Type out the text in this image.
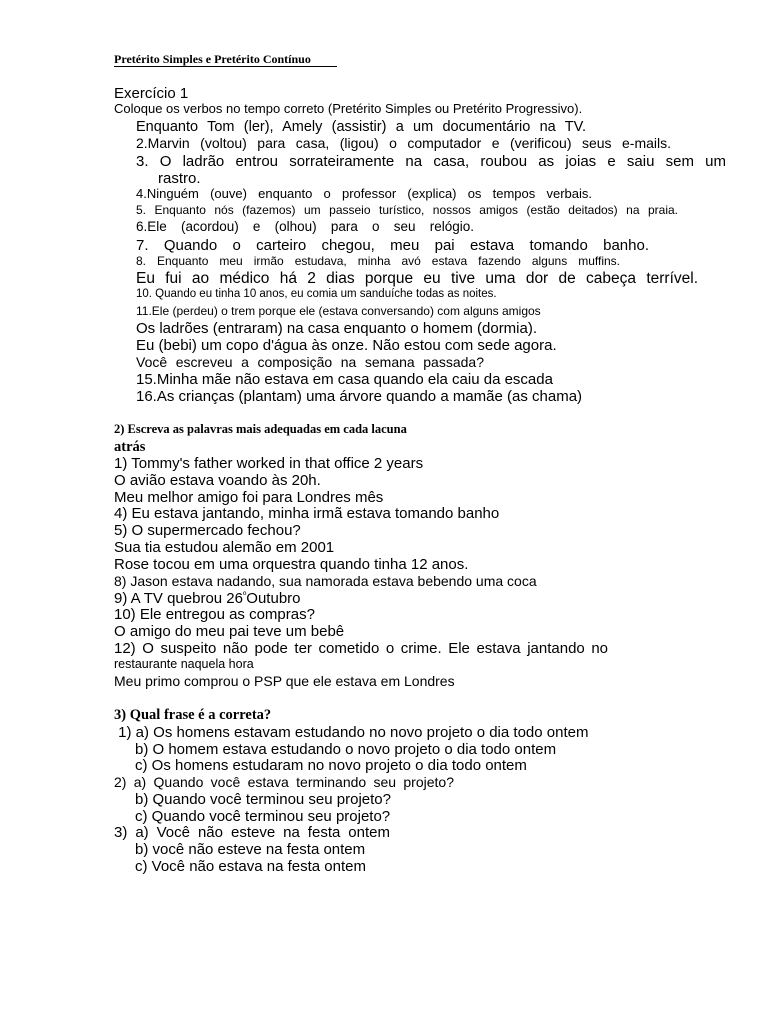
Pretérito Simples e Pretérito Contínuo
Exercício 1
Coloque os verbos no tempo correto (Pretérito Simples ou Pretérito Progressivo).
Enquanto Tom (ler), Amely (assistir) a um documentário na TV.
2.Marvin (voltou) para casa, (ligou) o computador e (verificou) seus e-mails.
3. O ladrão entrou sorrateiramente na casa, roubou as joias e saiu sem um
rastro.
4.Ninguém (ouve) enquanto o professor (explica) os tempos verbais.
5. Enquanto nós (fazemos) um passeio turístico, nossos amigos (estão deitados) na praia.
6.Ele (acordou) e (olhou) para o seu relógio.
7. Quando o carteiro chegou, meu pai estava tomando banho.
8. Enquanto meu irmão estudava, minha avó estava fazendo alguns muffins.
Eu fui ao médico há 2 dias porque eu tive uma dor de cabeça terrível.
10. Quando eu tinha 10 anos, eu comia um sanduíche todas as noites.
11.Ele (perdeu) o trem porque ele (estava conversando) com alguns amigos
Os ladrões (entraram) na casa enquanto o homem (dormia).
Eu (bebi) um copo d'água às onze. Não estou com sede agora.
Você escreveu a composição na semana passada?
15.Minha mãe não estava em casa quando ela caiu da escada
16.As crianças (plantam) uma árvore quando a mamãe (as chama)
2) Escreva as palavras mais adequadas em cada lacuna
atrás
1) Tommy's father worked in that office 2 years
O avião estava voando às 20h.
Meu melhor amigo foi para Londres mês
4) Eu estava jantando, minha irmã estava tomando banho
5) O supermercado fechou?
Sua tia estudou alemão em 2001
Rose tocou em uma orquestra quando tinha 12 anos.
8) Jason estava nadando, sua namorada estava bebendo uma coca
9) A TV quebrou $26^ºOutubro$
10) Ele entregou as compras?
O amigo do meu pai teve um bebê
12) O suspeito não pode ter cometido o crime. Ele estava jantando no
restaurante naquela hora
Meu primo comprou o PSP que ele estava em Londres
3) Qual frase é a correta?
1) a) Os homens estavam estudando no novo projeto o dia todo ontem
b) O homem estava estudando o novo projeto o dia todo ontem
c) Os homens estudaram no novo projeto o dia todo ontem
2) a) Quando você estava terminando seu projeto?
b) Quando você terminou seu projeto?
c) Quando você terminou seu projeto?
3) a) Você não esteve na festa ontem
b) você não esteve na festa ontem
c) Você não estava na festa ontem
